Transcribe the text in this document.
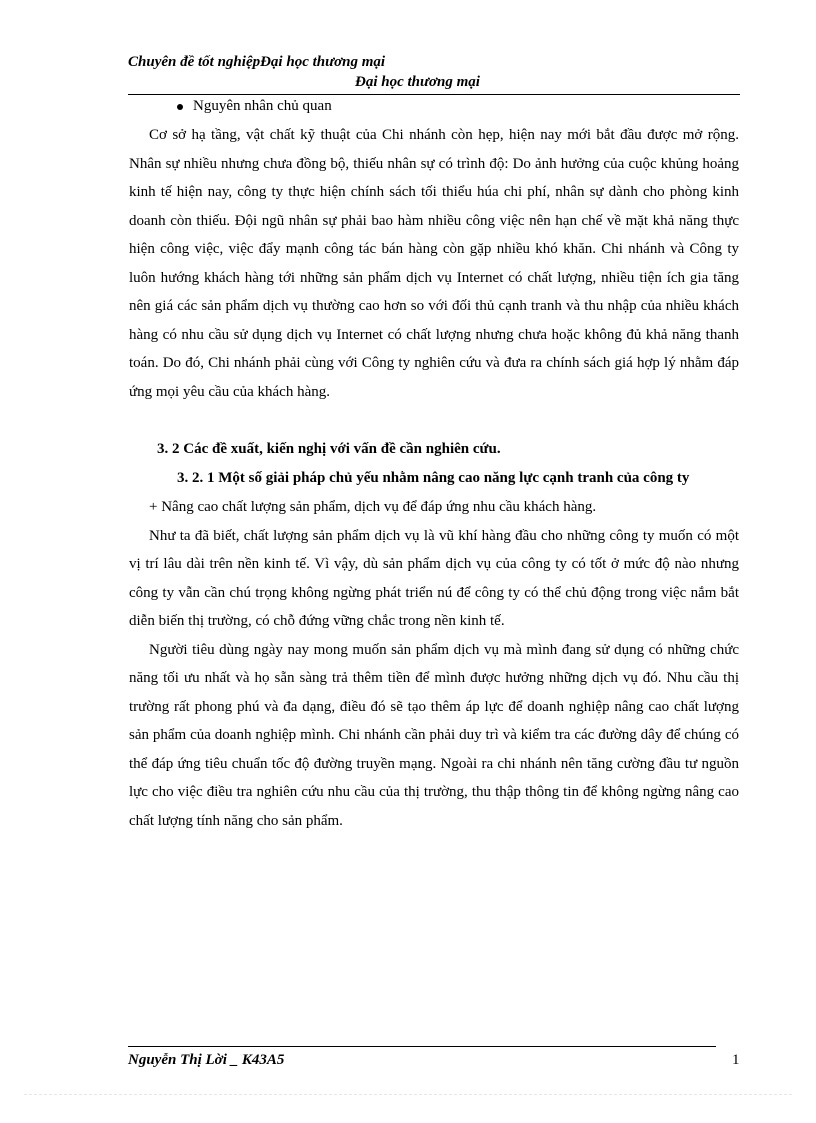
Chuyên đề tốt nghiệpĐại học thương mại
Đại học thương mại
Nguyên nhân chủ quan

Cơ sở hạ tầng, vật chất kỹ thuật của Chi nhánh còn hẹp, hiện nay mới bắt đầu được mở rộng. Nhân sự nhiều nhưng chưa đồng bộ, thiếu nhân sự có trình độ: Do ảnh hưởng của cuộc khủng hoảng kinh tế hiện nay, công ty thực hiện chính sách tối thiểu húa chi phí, nhân sự dành cho phòng kinh doanh còn thiếu. Đội ngũ nhân sự phải bao hàm nhiều công việc nên hạn chế về mặt khả năng thực hiện công việc, việc đẩy mạnh công tác bán hàng còn gặp nhiều khó khăn. Chi nhánh và Công ty luôn hướng khách hàng tới những sản phẩm dịch vụ Internet có chất lượng, nhiều tiện ích gia tăng nên giá các sản phẩm dịch vụ thường cao hơn so với đối thủ cạnh tranh và thu nhập của nhiều khách hàng có nhu cầu sử dụng dịch vụ Internet có chất lượng nhưng chưa hoặc không đủ khả năng thanh toán. Do đó, Chi nhánh phải cùng với Công ty nghiên cứu và đưa ra chính sách giá hợp lý nhằm đáp ứng mọi yêu cầu của khách hàng.

3. 2 Các đề xuất, kiến nghị với vấn đề cần nghiên cứu.

3. 2. 1 Một số giải pháp chủ yếu nhằm nâng cao năng lực cạnh tranh của công ty

+ Nâng cao chất lượng sản phẩm, dịch vụ để đáp ứng nhu cầu khách hàng.

Như ta đã biết, chất lượng sản phẩm dịch vụ là vũ khí hàng đầu cho những công ty muốn có một vị trí lâu dài trên nền kinh tế. Vì vậy, dù sản phẩm dịch vụ của công ty có tốt ở mức độ nào nhưng công ty vẫn cần chú trọng không ngừng phát triển nú để công ty có thể chủ động trong việc nắm bắt diễn biến thị trường, có chỗ đứng vững chắc trong nền kinh tế.

Người tiêu dùng ngày nay mong muốn sản phẩm dịch vụ mà mình đang sử dụng có những chức năng tối ưu nhất và họ sẵn sàng trả thêm tiền để mình được hưởng những dịch vụ đó. Nhu cầu thị trường rất phong phú và đa dạng, điều đó sẽ tạo thêm áp lực để doanh nghiệp nâng cao chất lượng sản phẩm của doanh nghiệp mình. Chi nhánh cần phải duy trì và kiểm tra các đường dây để chúng có thể đáp ứng tiêu chuẩn tốc độ đường truyền mạng. Ngoài ra chi nhánh nên tăng cường đầu tư nguồn lực cho việc điều tra nghiên cứu nhu cầu của thị trường, thu thập thông tin để không ngừng nâng cao chất lượng tính năng cho sản phẩm.

Nguyễn Thị Lời _ K43A5	1
